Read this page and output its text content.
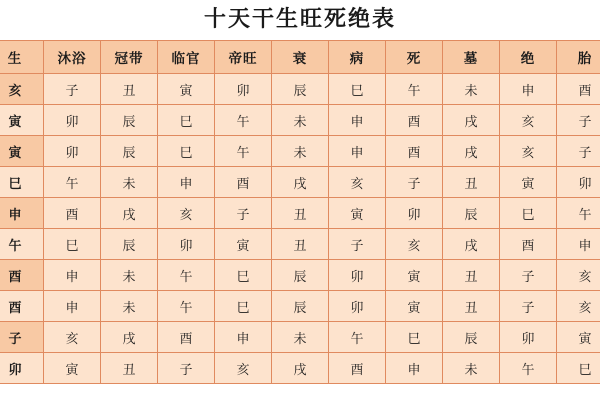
十天干生旺死绝表
生	沐浴	冠带	临官	帝旺	衰	病	死	墓	绝	胎
亥	子	丑	寅	卯	辰	巳	午	未	申	酉
寅	卯	辰	巳	午	未	申	酉	戌	亥	子
寅	卯	辰	巳	午	未	申	酉	戌	亥	子
巳	午	未	申	酉	戌	亥	子	丑	寅	卯
申	酉	戌	亥	子	丑	寅	卯	辰	巳	午
午	巳	辰	卯	寅	丑	子	亥	戌	酉	申
酉	申	未	午	巳	辰	卯	寅	丑	子	亥
酉	申	未	午	巳	辰	卯	寅	丑	子	亥
子	亥	戌	酉	申	未	午	巳	辰	卯	寅
卯	寅	丑	子	亥	戌	酉	申	未	午	巳
